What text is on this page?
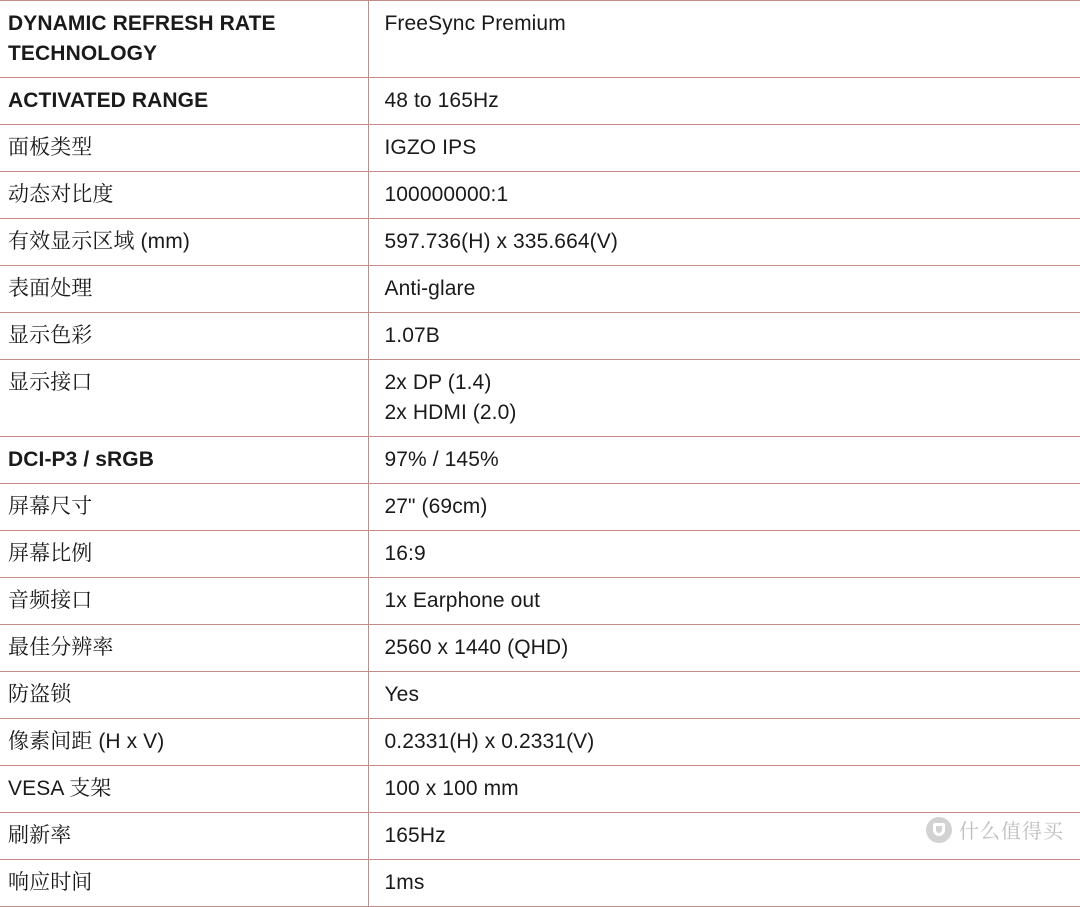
DYNAMIC REFRESH RATE TECHNOLOGY	FreeSync Premium

ACTIVATED RANGE	48 to 165Hz

面板类型	IGZO IPS

动态对比度	100000000:1

有效显示区域 (mm)	597.736(H) x 335.664(V)

表面处理	Anti-glare

显示色彩	1.07B

显示接口	2x DP (1.4)
2x HDMI (2.0)

DCI-P3 / sRGB	97% / 145%

屏幕尺寸	27" (69cm)

屏幕比例	16:9

音频接口	1x Earphone out

最佳分辨率	2560 x 1440 (QHD)

防盗锁	Yes

像素间距 (H x V)	0.2331(H) x 0.2331(V)

VESA 支架	100 x 100 mm

刷新率	165Hz

响应时间	1ms
什么值得买
